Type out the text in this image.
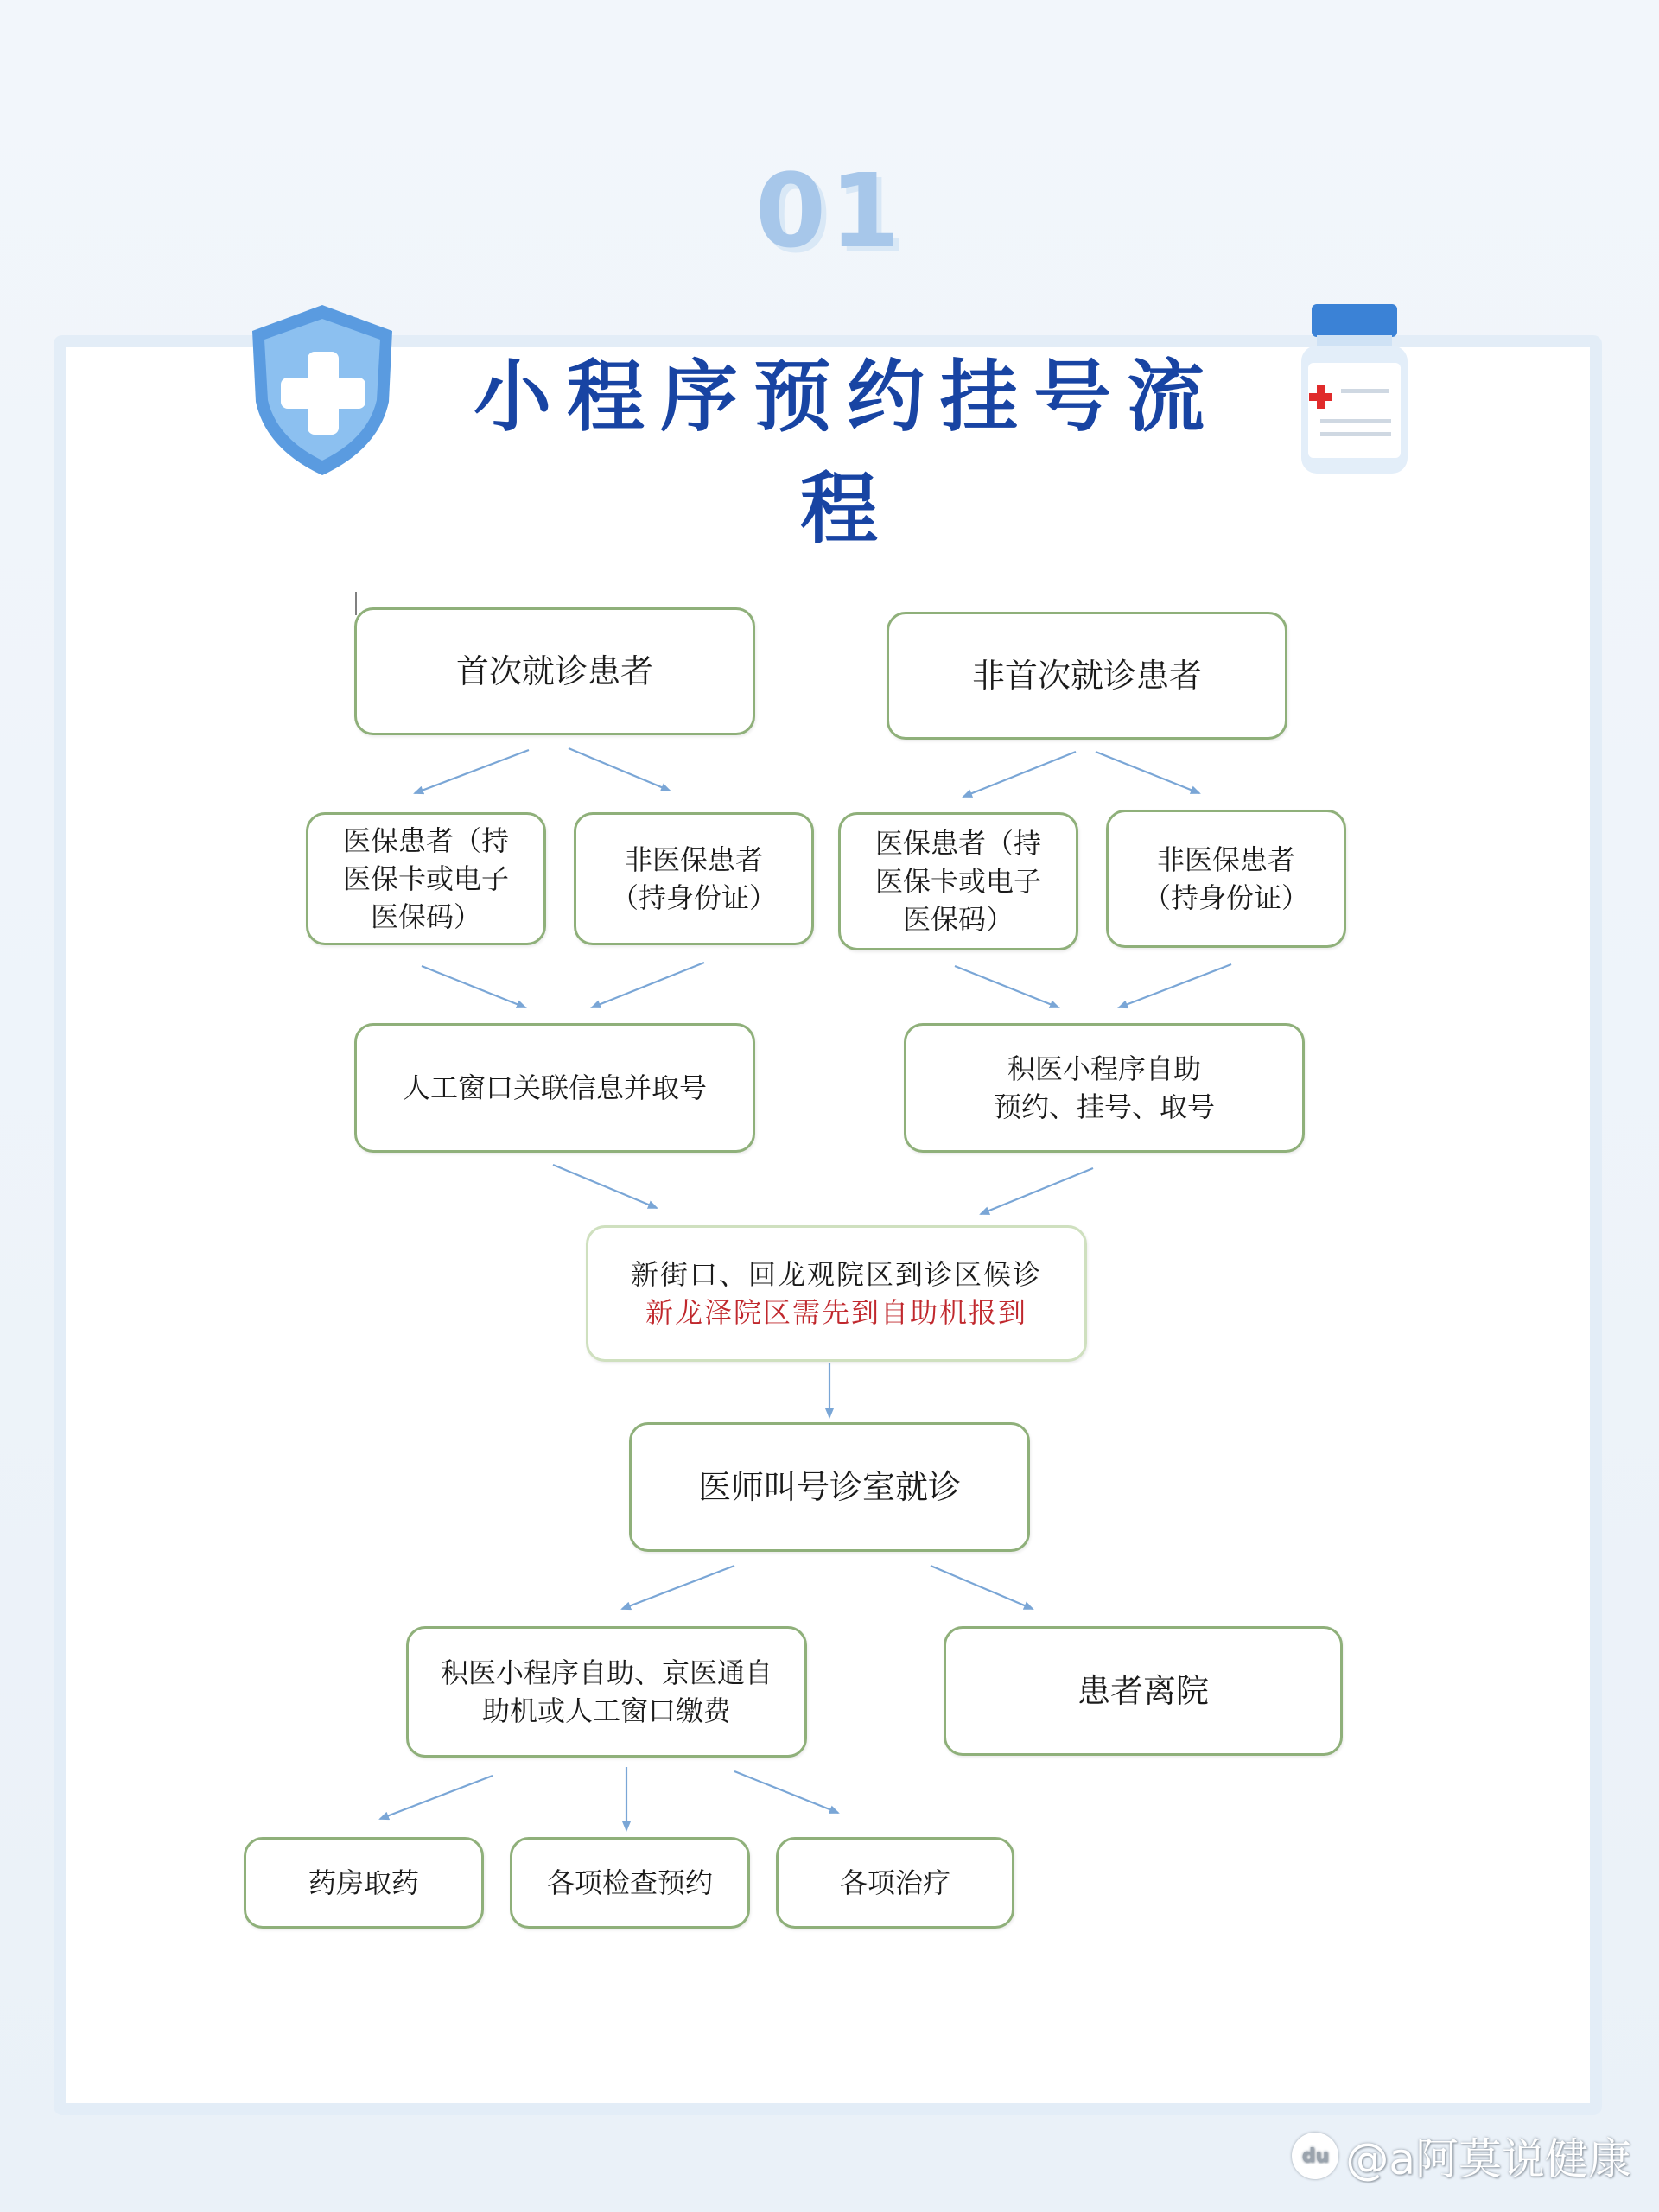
01
小程序预约挂号流程
首次就诊患者	非首次就诊患者
医保患者（持
医保卡或电子
医保码）
非医保患者
（持身份证）
医保患者（持
医保卡或电子
医保码）
非医保患者
（持身份证）
人工窗口关联信息并取号
积医小程序自助
预约、挂号、取号
新街口、回龙观院区到诊区候诊
新龙泽院区需先到自助机报到
医师叫号诊室就诊
积医小程序自助、京医通自
助机或人工窗口缴费
患者离院
药房取药	各项检查预约	各项治疗
du @a阿莫说健康
